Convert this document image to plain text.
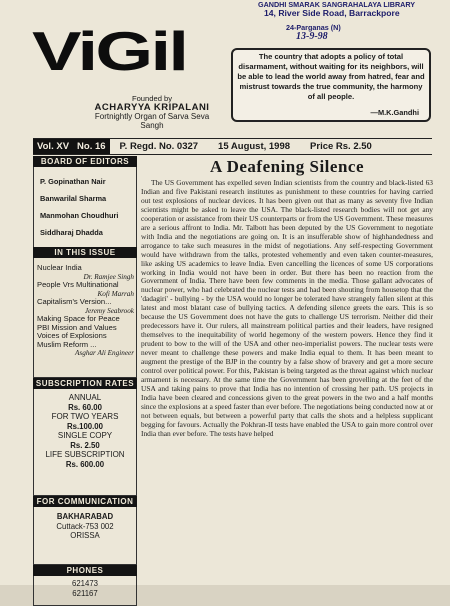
GANDHI SMARAK SANGRAHALAYA LIBRARY
14, River Side Road, Barrackpore
24-Parganas (N)
13-9-98
ViGil
Founded by
ACHARYYA KRIPALANI
Fortnightly Organ of Sarva Seva Sangh
The country that adopts a policy of total disarmament, without waiting for its neighbors, will be able to lead the world away from hatred, fear and mistrust towards the true community, the harmony of all people.
—M.K.Gandhi
Vol. XV No. 16 P. Regd. No. 0327 15 August, 1998 Price Rs. 2.50
BOARD OF EDITORS
P. Gopinathan Nair
Banwarilal Sharma
Manmohan Choudhuri
Siddharaj Dhadda
IN THIS ISSUE
Nuclear India
Dr. Ramjee Singh
People Vrs Multinational
Kofi Marrah
Capitalism's Version...
Jeremy Seabrook
Making Space for Peace
PBI Mission and Values
Voices of Explosions
Muslim Reform ...
Asghar Ali Engineer
SUBSCRIPTION RATES
ANNUAL
Rs. 60.00
FOR TWO YEARS
Rs.100.00
SINGLE COPY
Rs. 2.50
LIFE SUBSCRIPTION
Rs. 600.00
FOR COMMUNICATION
BAKHARABAD
Cuttack-753 002
ORISSA
PHONES
621473
621167
A Deafening Silence

The US Government has expelled seven Indian scientists from the country and black-listed 63 Indian and five Pakistani research institutes as punishment to these countries for having carried out test explosions of nuclear devices. It has been given out that as many as seventy five Indian scientists might be asked to leave the USA. The black-listed research bodies will not get any cooperation or assistance from their US counterparts or from the US Government. These measures are a serious affront to India. Mr. Talbott has been deputed by the US Government to negotiate with India and the negotiations are going on. It is an insufferable show of highhandedness and arrogance to take such measures in the midst of negotiations. Any self-respecting Government would have withdrawn from the talks, protested vehemently and even taken counter-measures, like asking US academics to leave India. Even cancelling the licences of some US corporations working in India would not have been in order. But there has been no reaction from the Government of India. There have been few comments in the media. Those gallant advocates of nuclear power, who had celebrated the nuclear tests and had been shouting from housetop that the 'dadagiri' - bullying - by the USA would no longer be tolerated have strangely fallen silent at this latest and most blatant case of bullying tactics. A defending silence greets the ears. This is so because the US Government does not have the guts to challenge US terrorism. Neither did their predecessors have it. Our rulers, all mainstream political parties and their leaders, have resigned themselves to the inequitability of world hegemony of the western powers. Hence they find it prudent to bow to the will of the USA and other neo-imperialist powers. The nuclear tests were never meant to challenge these powers and make India equal to them. It has been meant to augment the prestige of the BJP in the country by a false show of bravery and get a more secure control over political power. For this, Pakistan is being targeted as the threat against which nuclear armament is necessary. At the same time the Government has been grovelling at the feet of the USA and taking pains to prove that India has no intention of crossing her path. US projects in India have been cleared and concessions given to the great powers in the two and a half months since the explosions at a speed faster than ever before. The negotiations being conducted now at or not between equals, but between a powerful party that calls the shots and a helpless supplicant begging for favours. Actually the Pokhran-II tests have enabled the USA to gain more control over India than ever before. The tests have helped
